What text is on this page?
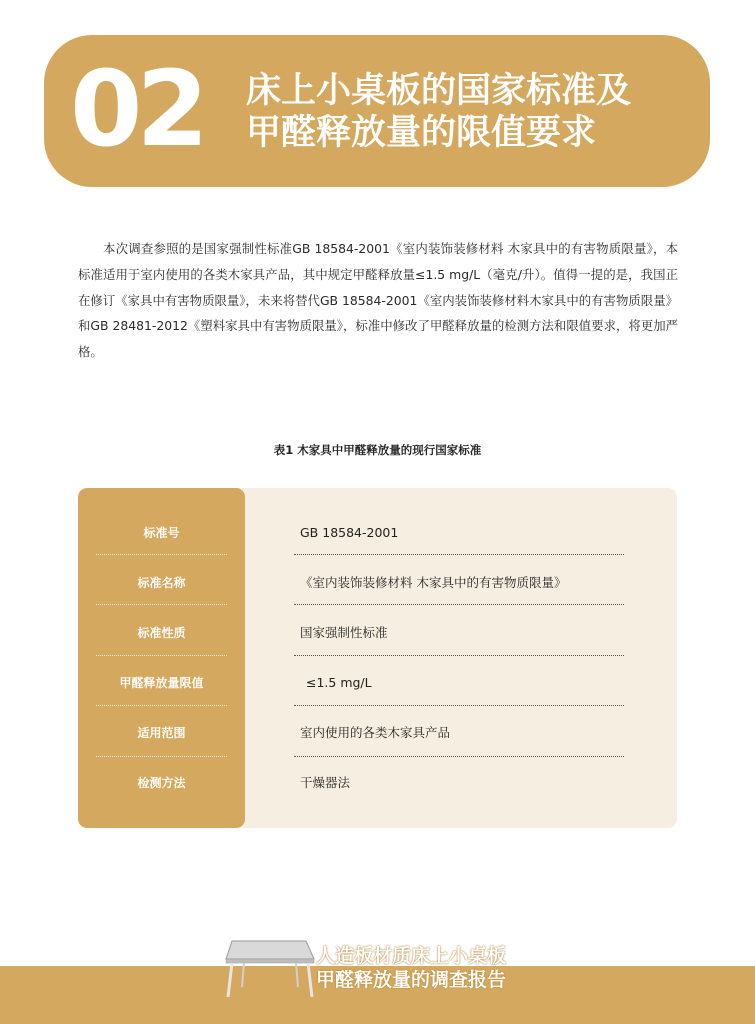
02 床上小桌板的国家标准及
甲醛释放量的限值要求

本次调查参照的是国家强制性标准GB 18584-2001《室内装饰装修材料 木家具中的有害物质限量》，本标准适用于室内使用的各类木家具产品，其中规定甲醛释放量≤1.5 mg/L（毫克/升）。值得一提的是，我国正在修订《家具中有害物质限量》，未来将替代GB 18584-2001《室内装饰装修材料木家具中的有害物质限量》和GB 28481-2012《塑料家具中有害物质限量》，标准中修改了甲醛释放量的检测方法和限值要求，将更加严格。

表1 木家具中甲醛释放量的现行国家标准
标准号	GB 18584-2001
标准名称	《室内装饰装修材料 木家具中的有害物质限量》
标准性质	国家强制性标准
甲醛释放量限值	≤1.5 mg/L
适用范围	室内使用的各类木家具产品
检测方法	干燥器法
人造板材质床上小桌板
甲醛释放量的调查报告
